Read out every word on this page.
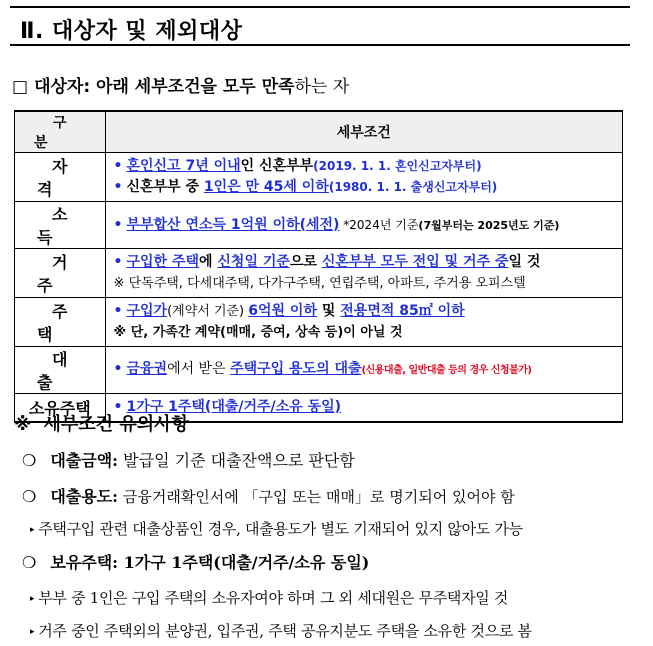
Ⅱ. 대상자 및 제외대상
□ 대상자: 아래 세부조건을 모두 만족하는 자
구분	세부조건
자격	• 혼인신고 7년 이내인 신혼부부(2019. 1. 1. 혼인신고자부터)
• 신혼부부 중 1인은 만 45세 이하(1980. 1. 1. 출생신고자부터)

소득	• 부부합산 연소득 1억원 이하(세전) *2024년 기준(7월부터는 2025년도 기준)
거주	• 구입한 주택에 신청일 기준으로 신혼부부 모두 전입 및 거주 중일 것
※ 단독주택, 다세대주택, 다가구주택, 연립주택, 아파트, 주거용 오피스텔

주택	• 구입가(계약서 기준) 6억원 이하 및 전용면적 85㎡ 이하
※ 단, 가족간 계약(매매, 증여, 상속 등)이 아닐 것

대출	• 금융권에서 받은 주택구입 용도의 대출(신용대출, 일반대출 등의 경우 신청불가)
소유주택	• 1가구 1주택(대출/거주/소유 동일)
※ 세부조건 유의사항
❍ 대출금액: 발급일 기준 대출잔액으로 판단함
❍ 대출용도: 금융거래확인서에 「구입 또는 매매」로 명기되어 있어야 함
▸ 주택구입 관련 대출상품인 경우, 대출용도가 별도 기재되어 있지 않아도 가능
❍ 보유주택: 1가구 1주택(대출/거주/소유 동일)
▸ 부부 중 1인은 구입 주택의 소유자여야 하며 그 외 세대원은 무주택자일 것
▸ 거주 중인 주택외의 분양권, 입주권, 주택 공유지분도 주택을 소유한 것으로 봄
